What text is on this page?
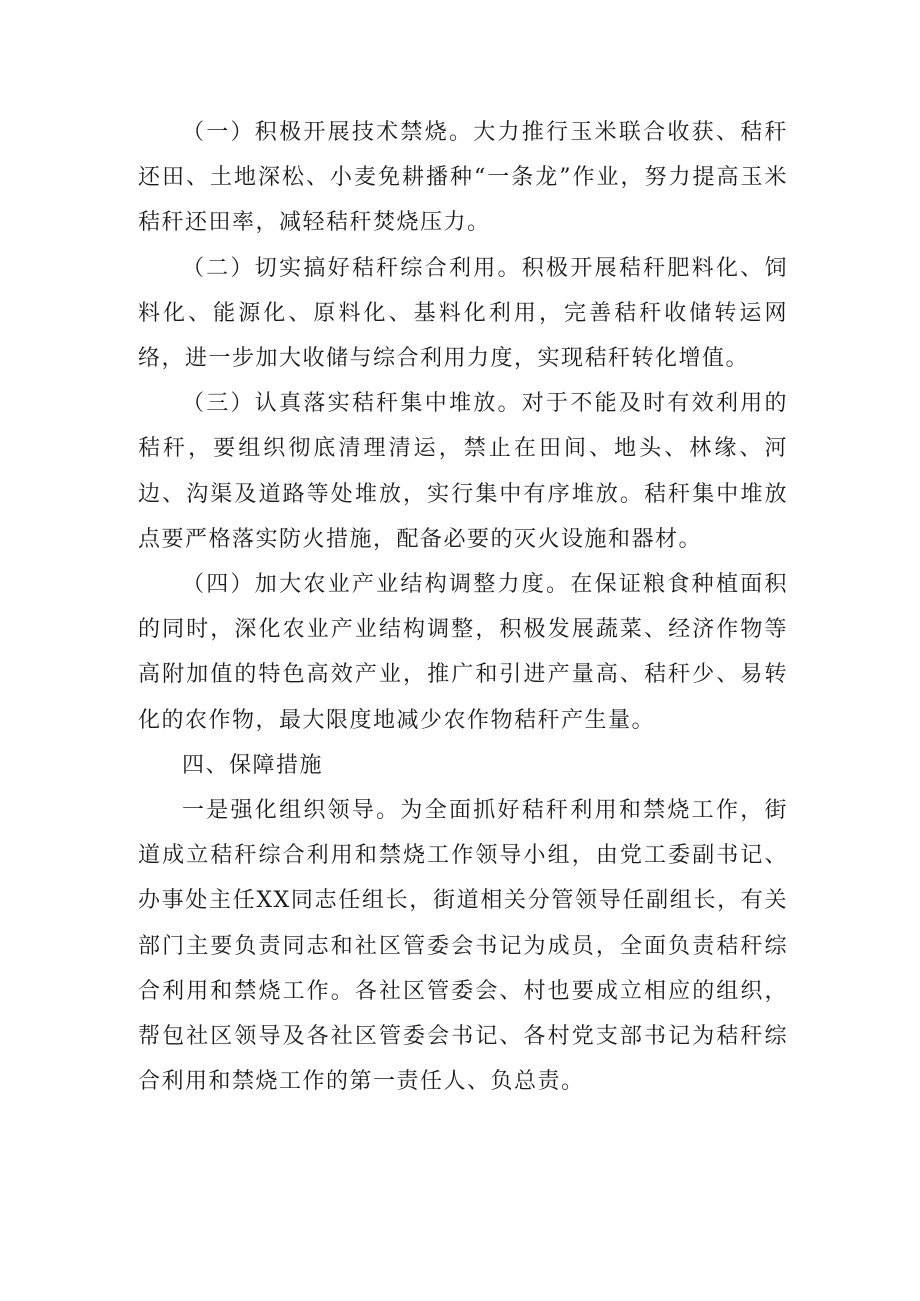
（一）积极开展技术禁烧。大力推行玉米联合收获、秸秆还田、土地深松、小麦免耕播种“一条龙”作业，努力提高玉米秸秆还田率，减轻秸秆焚烧压力。

（二）切实搞好秸秆综合利用。积极开展秸秆肥料化、饲料化、能源化、原料化、基料化利用，完善秸秆收储转运网络，进一步加大收储与综合利用力度，实现秸秆转化增值。

（三）认真落实秸秆集中堆放。对于不能及时有效利用的秸秆，要组织彻底清理清运，禁止在田间、地头、林缘、河边、沟渠及道路等处堆放，实行集中有序堆放。秸秆集中堆放点要严格落实防火措施，配备必要的灭火设施和器材。

（四）加大农业产业结构调整力度。在保证粮食种植面积的同时，深化农业产业结构调整，积极发展蔬菜、经济作物等高附加值的特色高效产业，推广和引进产量高、秸秆少、易转化的农作物，最大限度地减少农作物秸秆产生量。

四、保障措施

一是强化组织领导。为全面抓好秸秆利用和禁烧工作，街道成立秸秆综合利用和禁烧工作领导小组，由党工委副书记、办事处主任XX同志任组长，街道相关分管领导任副组长，有关部门主要负责同志和社区管委会书记为成员，全面负责秸秆综合利用和禁烧工作。各社区管委会、村也要成立相应的组织，帮包社区领导及各社区管委会书记、各村党支部书记为秸秆综合利用和禁烧工作的第一责任人、负总责。
